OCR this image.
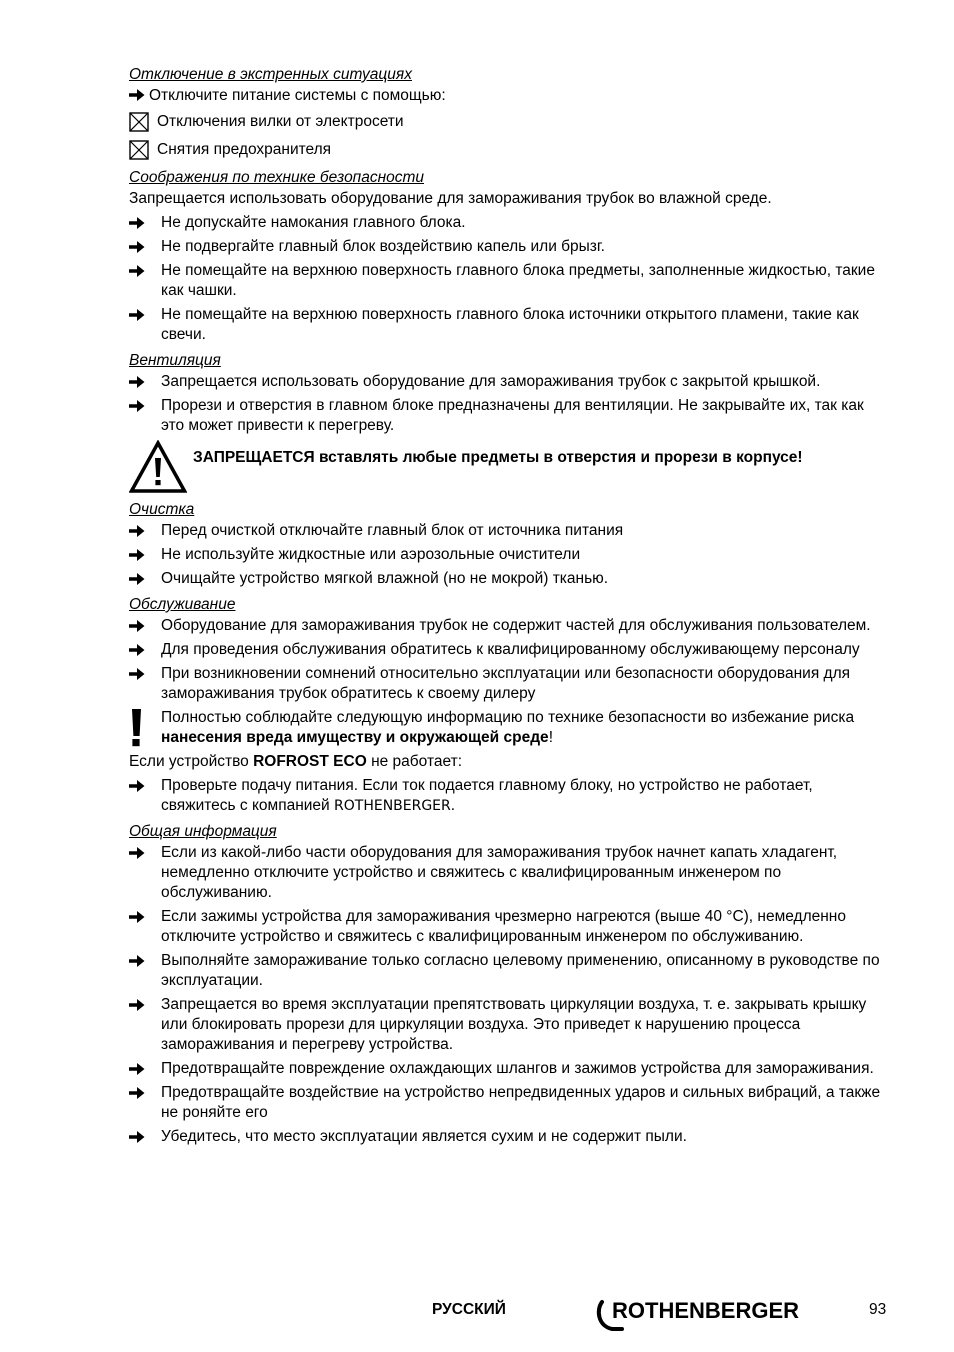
Отключение в экстренных ситуациях
Отключите питание системы с помощью:
Отключения вилки от электросети
Снятия предохранителя
Соображения по технике безопасности
Запрещается использовать оборудование для замораживания трубок во влажной среде.
Не допускайте намокания главного блока.
Не подвергайте главный блок воздействию капель или брызг.
Не помещайте на верхнюю поверхность главного блока предметы, заполненные жидкостью, такие как чашки.
Не помещайте на верхнюю поверхность главного блока источники открытого пламени, такие как свечи.
Вентиляция
Запрещается использовать оборудование для замораживания трубок с закрытой крышкой.
Прорези и отверстия в главном блоке предназначены для вентиляции. Не закрывайте их, так как это может привести к перегреву.
ЗАПРЕЩАЕТСЯ вставлять любые предметы в отверстия и прорези в корпусе!
Очистка
Перед очисткой отключайте главный блок от источника питания
Не используйте жидкостные или аэрозольные очистители
Очищайте устройство мягкой влажной (но не мокрой) тканью.
Обслуживание
Оборудование для замораживания трубок не содержит частей для обслуживания пользователем.
Для проведения обслуживания обратитесь к квалифицированному обслуживающему персоналу
При возникновении сомнений относительно эксплуатации или безопасности оборудования для замораживания трубок обратитесь к своему дилеру
Полностью соблюдайте следующую информацию по технике безопасности во избежание риска нанесения вреда имуществу и окружающей среде!
Если устройство ROFROST ECO не работает:
Проверьте подачу питания. Если ток подается главному блоку, но устройство не работает, свяжитесь с компанией ROTHENBERGER.
Общая информация
Если из какой-либо части оборудования для замораживания трубок начнет капать хладагент, немедленно отключите устройство и свяжитесь с квалифицированным инженером по обслуживанию.
Если зажимы устройства для замораживания чрезмерно нагреются (выше 40 °C), немедленно отключите устройство и свяжитесь с квалифицированным инженером по обслуживанию.
Выполняйте замораживание только согласно целевому применению, описанному в руководстве по эксплуатации.
Запрещается во время эксплуатации препятствовать циркуляции воздуха, т. е. закрывать крышку или блокировать прорези для циркуляции воздуха. Это приведет к нарушению процесса замораживания и перегреву устройства.
Предотвращайте повреждение охлаждающих шлангов и зажимов устройства для замораживания.
Предотвращайте воздействие на устройство непредвиденных ударов и сильных вибраций, а также не роняйте его
Убедитесь, что место эксплуатации является сухим и не содержит пыли.
РУССКИЙ	ROTHENBERGER	93
